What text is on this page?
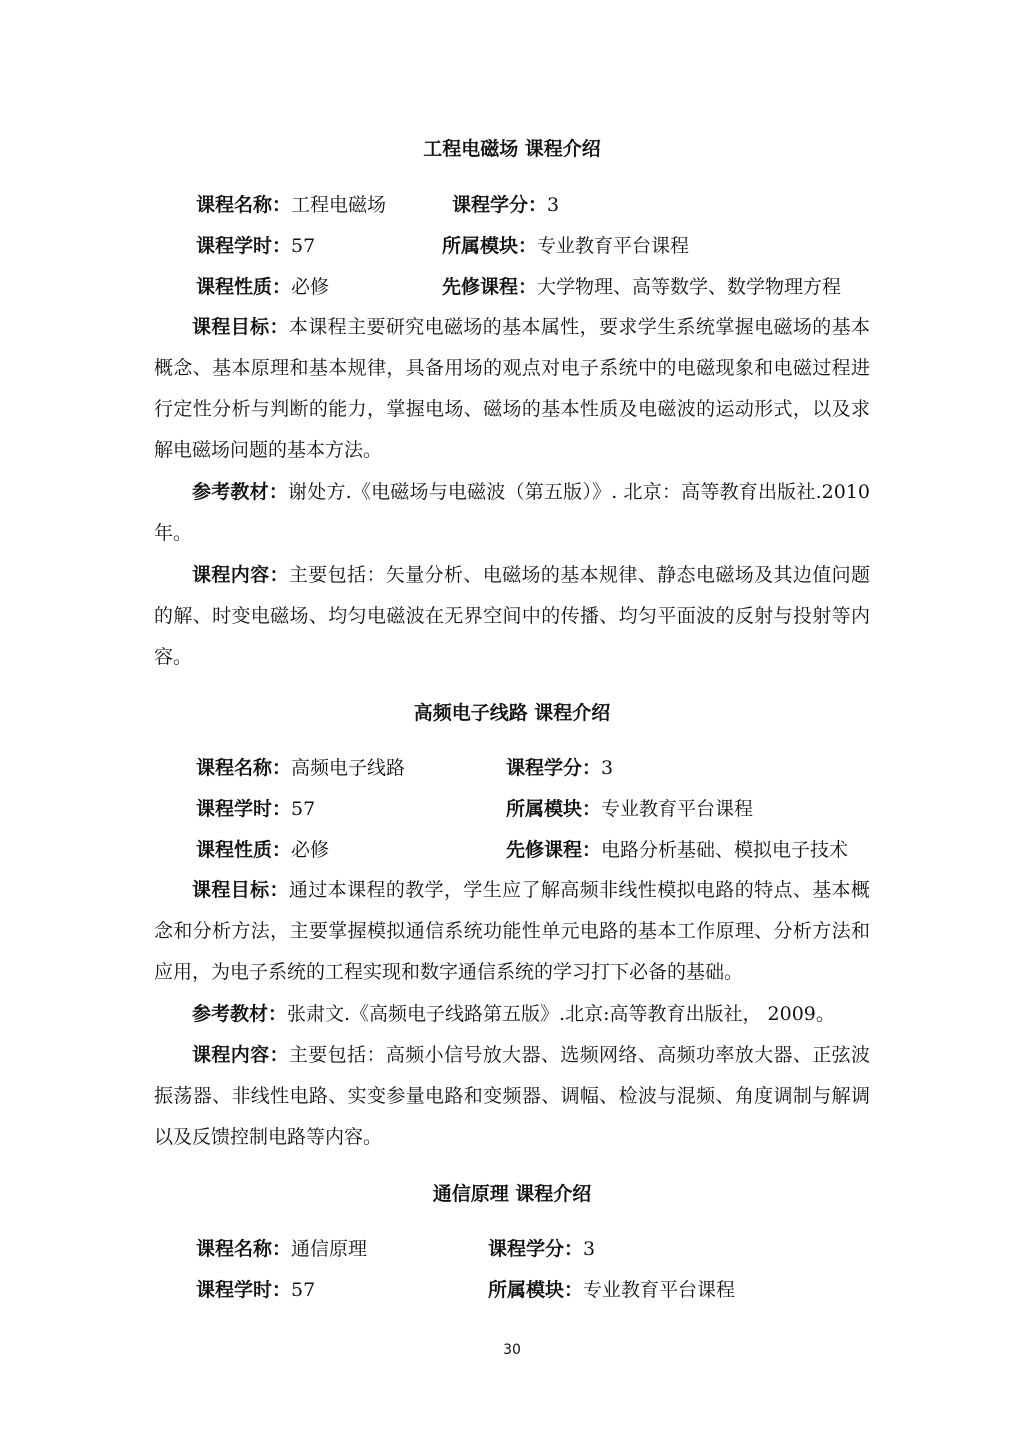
工程电磁场 课程介绍
课程名称：工程电磁场	课程学分：3
课程学时：57	所属模块：专业教育平台课程
课程性质：必修	先修课程：大学物理、高等数学、数学物理方程

课程目标：本课程主要研究电磁场的基本属性，要求学生系统掌握电磁场的基本概念、基本原理和基本规律，具备用场的观点对电子系统中的电磁现象和电磁过程进行定性分析与判断的能力，掌握电场、磁场的基本性质及电磁波的运动形式，以及求解电磁场问题的基本方法。

参考教材：谢处方.《电磁场与电磁波（第五版）》. 北京：高等教育出版社.2010年。

课程内容：主要包括：矢量分析、电磁场的基本规律、静态电磁场及其边值问题的解、时变电磁场、均匀电磁波在无界空间中的传播、均匀平面波的反射与投射等内容。

高频电子线路 课程介绍
课程名称：高频电子线路	课程学分：3
课程学时：57	所属模块：专业教育平台课程
课程性质：必修	先修课程：电路分析基础、模拟电子技术

课程目标：通过本课程的教学，学生应了解高频非线性模拟电路的特点、基本概念和分析方法，主要掌握模拟通信系统功能性单元电路的基本工作原理、分析方法和应用，为电子系统的工程实现和数字通信系统的学习打下必备的基础。

参考教材：张肃文.《高频电子线路第五版》.北京:高等教育出版社， 2009。

课程内容：主要包括：高频小信号放大器、选频网络、高频功率放大器、正弦波振荡器、非线性电路、实变参量电路和变频器、调幅、检波与混频、角度调制与解调以及反馈控制电路等内容。

通信原理 课程介绍
课程名称：通信原理	课程学分：3
课程学时：57	所属模块：专业教育平台课程
30
